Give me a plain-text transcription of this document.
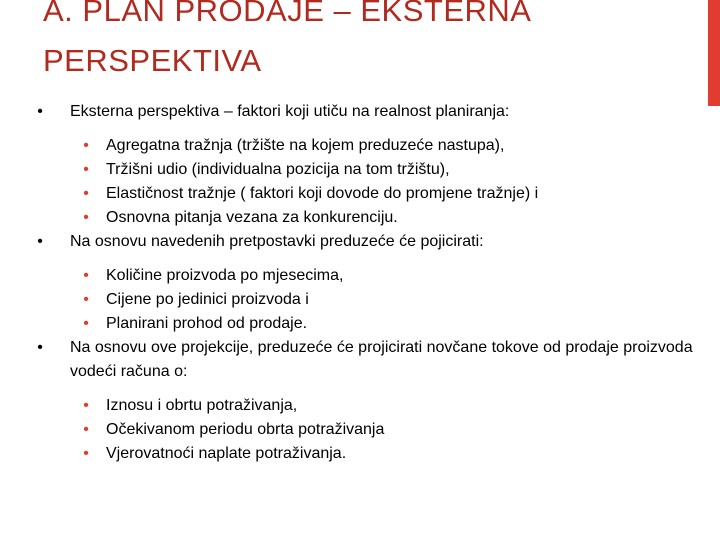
A. PLAN PRODAJE – EKSTERNA
PERSPEKTIVA
•	Eksterna perspektiva – faktori koji utiču na realnost planiranja:
•	Agregatna tražnja (tržište na kojem preduzeće nastupa),
•	Tržišni udio (individualna pozicija na tom tržištu),
•	Elastičnost tražnje ( faktori koji dovode do promjene tražnje) i
•	Osnovna pitanja vezana za konkurenciju.
•	Na osnovu navedenih pretpostavki preduzeće će pojicirati:
•	Količine proizvoda po mjesecima,
•	Cijene po jedinici proizvoda i
•	Planirani prohod od prodaje.
•	Na osnovu ove projekcije, preduzeće će projicirati novčane tokove od prodaje proizvoda vodeći računa o:
•	Iznosu i obrtu potraživanja,
•	Očekivanom periodu obrta potraživanja
•	Vjerovatnoći naplate potraživanja.
